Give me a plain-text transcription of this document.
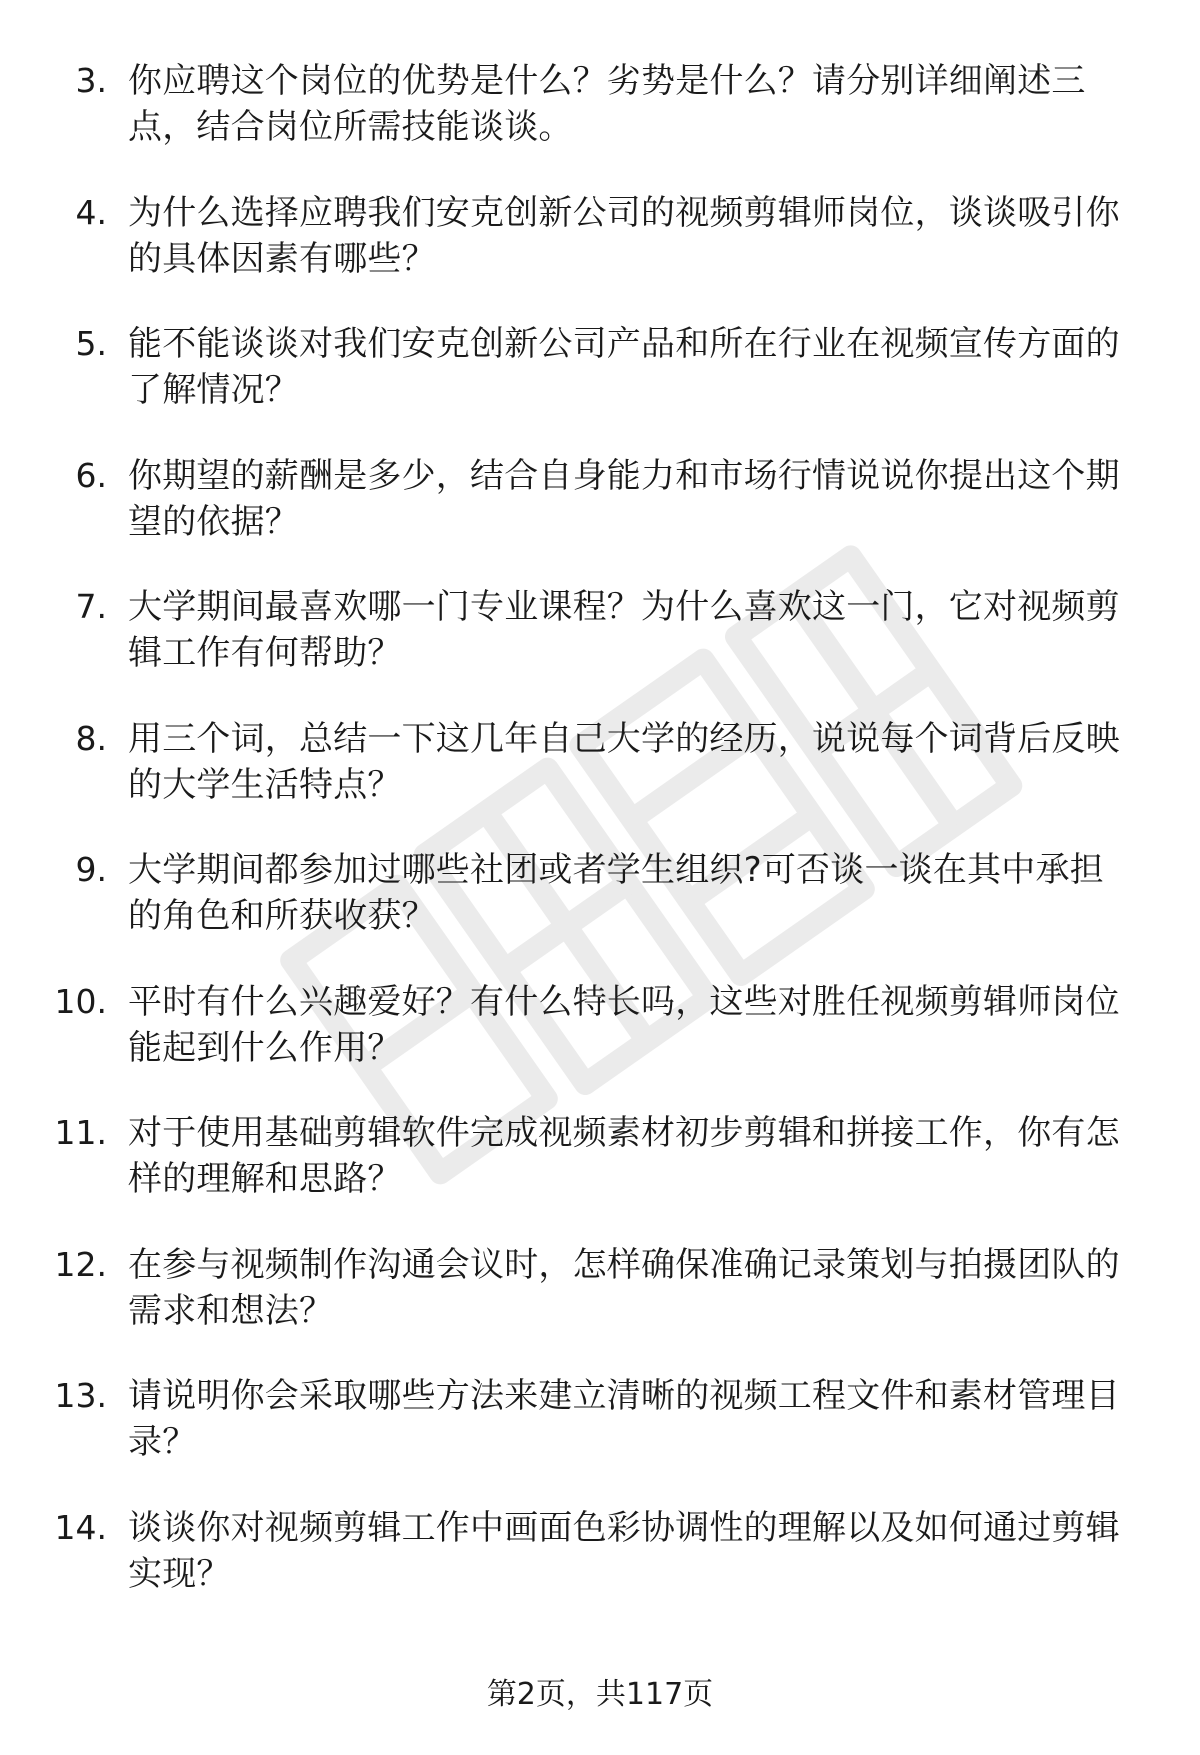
3. 你应聘这个岗位的优势是什么？劣势是什么？请分别详细阐述三点，结合岗位所需技能谈谈。
4. 为什么选择应聘我们安克创新公司的视频剪辑师岗位，谈谈吸引你的具体因素有哪些？
5. 能不能谈谈对我们安克创新公司产品和所在行业在视频宣传方面的了解情况？
6. 你期望的薪酬是多少，结合自身能力和市场行情说说你提出这个期望的依据？
7. 大学期间最喜欢哪一门专业课程？为什么喜欢这一门，它对视频剪辑工作有何帮助？
8. 用三个词，总结一下这几年自己大学的经历，说说每个词背后反映的大学生活特点？
9. 大学期间都参加过哪些社团或者学生组织?可否谈一谈在其中承担的角色和所获收获？
10. 平时有什么兴趣爱好？有什么特长吗，这些对胜任视频剪辑师岗位能起到什么作用？
11. 对于使用基础剪辑软件完成视频素材初步剪辑和拼接工作，你有怎样的理解和思路？
12. 在参与视频制作沟通会议时，怎样确保准确记录策划与拍摄团队的需求和想法？
13. 请说明你会采取哪些方法来建立清晰的视频工程文件和素材管理目录？
14. 谈谈你对视频剪辑工作中画面色彩协调性的理解以及如何通过剪辑实现？
第2页，共117页
